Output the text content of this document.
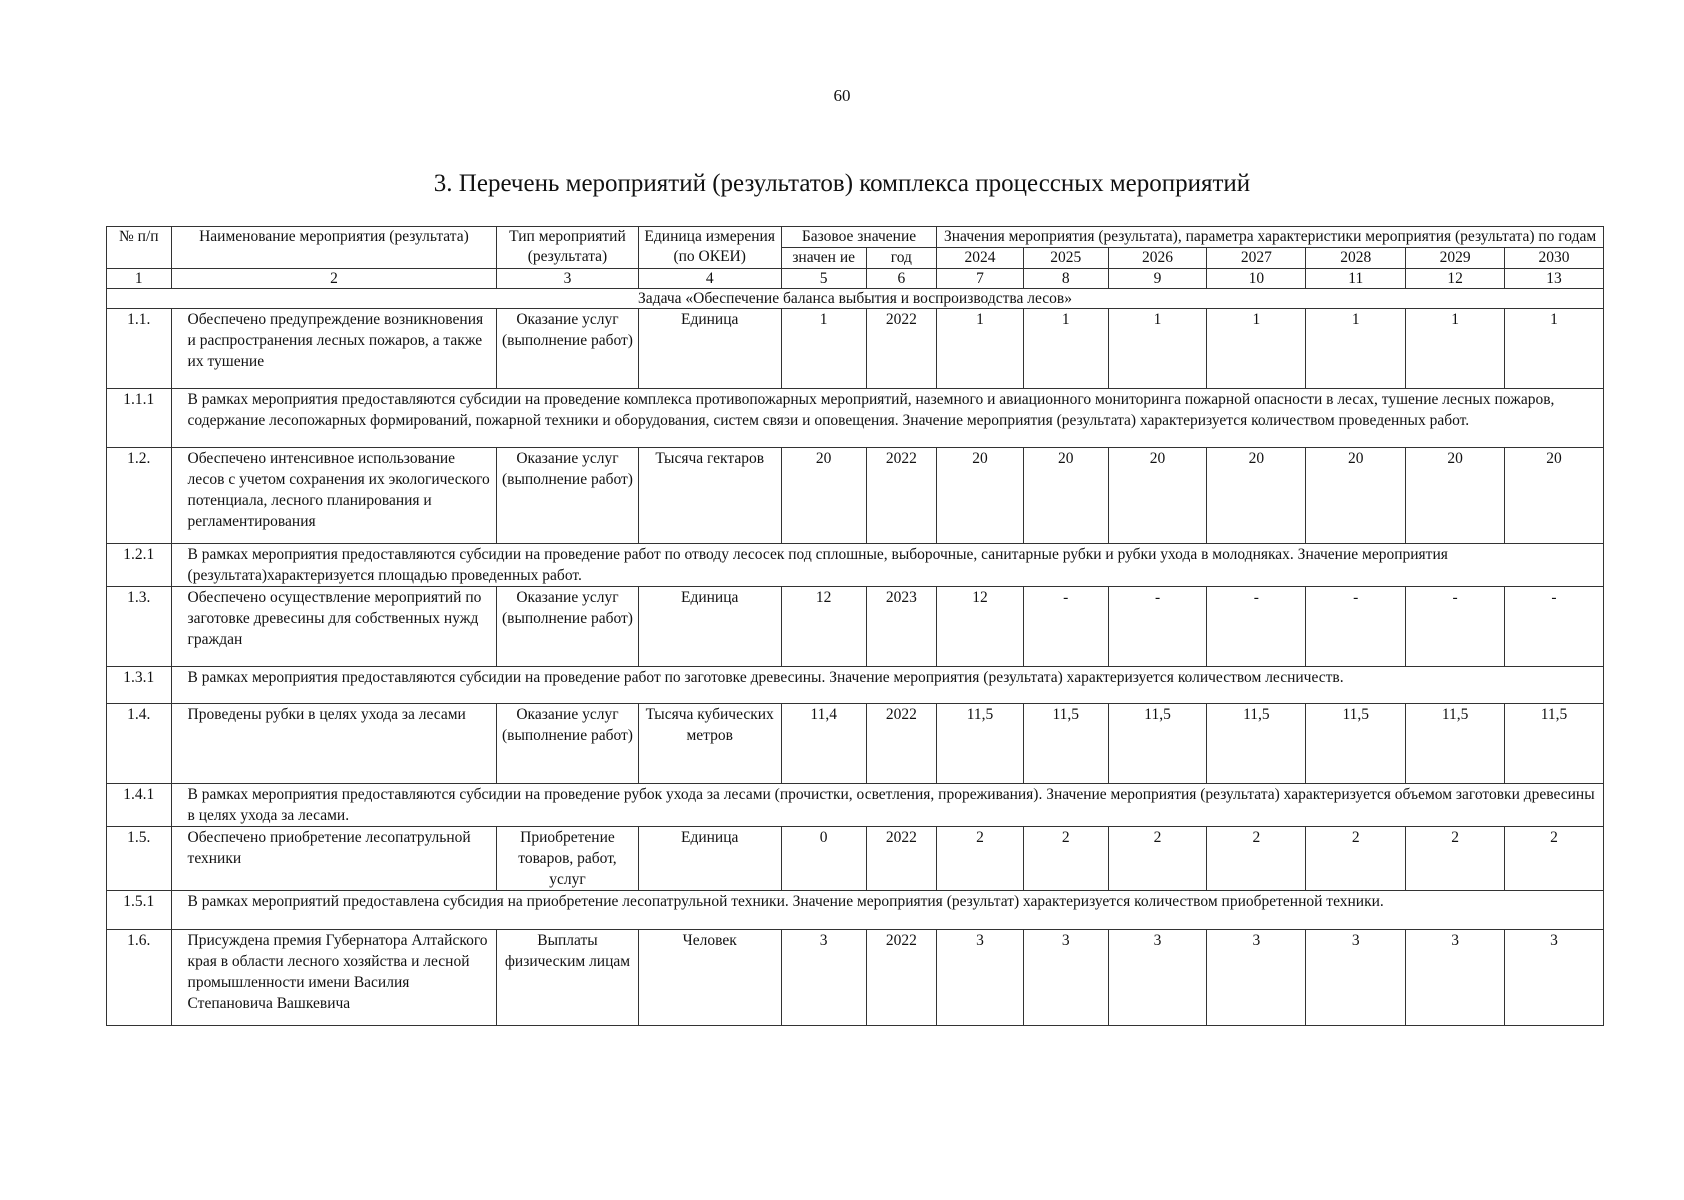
60
3. Перечень мероприятий (результатов) комплекса процессных мероприятий
№ п/п	Наименование мероприятия (результата)	Тип мероприятий (результата)	Единица измерения (по ОКЕИ)	Базовое значение		Значения мероприятия (результата), параметра характеристики мероприятия (результата) по годам						

				значен ие	год	2024	2025	2026	2027	2028	2029	2030
1	2	3	4	5	6	7	8	9	10	11	12	13
Задача «Обеспечение баланса выбытия и воспроизводства лесов»												
1.1.	Обеспечено предупреждение возникновения и распространения лесных пожаров, а также их тушение	Оказание услуг (выполнение работ)	Единица	1	2022	1	1	1	1	1	1	1
1.1.1	В рамках мероприятия предоставляются субсидии на проведение комплекса противопожарных мероприятий, наземного и авиационного мониторинга пожарной опасности в лесах, тушение лесных пожаров, содержание лесопожарных формирований, пожарной техники и оборудования, систем связи и оповещения. Значение мероприятия (результата) характеризуется количеством проведенных работ.											
1.2.	Обеспечено интенсивное использование лесов с учетом сохранения их экологического потенциала, лесного планирования и регламентирования	Оказание услуг (выполнение работ)	Тысяча гектаров	20	2022	20	20	20	20	20	20	20
1.2.1	В рамках мероприятия предоставляются субсидии на проведение работ по отводу лесосек под сплошные, выборочные, санитарные рубки и рубки ухода в молодняках. Значение мероприятия (результата)характеризуется площадью проведенных работ.											
1.3.	Обеспечено осуществление мероприятий по заготовке древесины для собственных нужд граждан	Оказание услуг (выполнение работ)	Единица	12	2023	12	-	-	-	-	-	-
1.3.1	В рамках мероприятия предоставляются субсидии на проведение работ по заготовке древесины. Значение мероприятия (результата) характеризуется количеством лесничеств.											
1.4.	Проведены рубки в целях ухода за лесами	Оказание услуг (выполнение работ)	Тысяча кубических метров	11,4	2022	11,5	11,5	11,5	11,5	11,5	11,5	11,5
1.4.1	В рамках мероприятия предоставляются субсидии на проведение рубок ухода за лесами (прочистки, осветления, прореживания). Значение мероприятия (результата) характеризуется объемом заготовки древесины в целях ухода за лесами.											
1.5.	Обеспечено приобретение лесопатрульной техники	Приобретение товаров, работ, услуг	Единица	0	2022	2	2	2	2	2	2	2
1.5.1	В рамках мероприятий предоставлена субсидия на приобретение лесопатрульной техники. Значение мероприятия (результат) характеризуется количеством приобретенной техники.											
1.6.	Присуждена премия Губернатора Алтайского края в области лесного хозяйства и лесной промышленности имени Василия Степановича Вашкевича	Выплаты физическим лицам	Человек	3	2022	3	3	3	3	3	3	3
